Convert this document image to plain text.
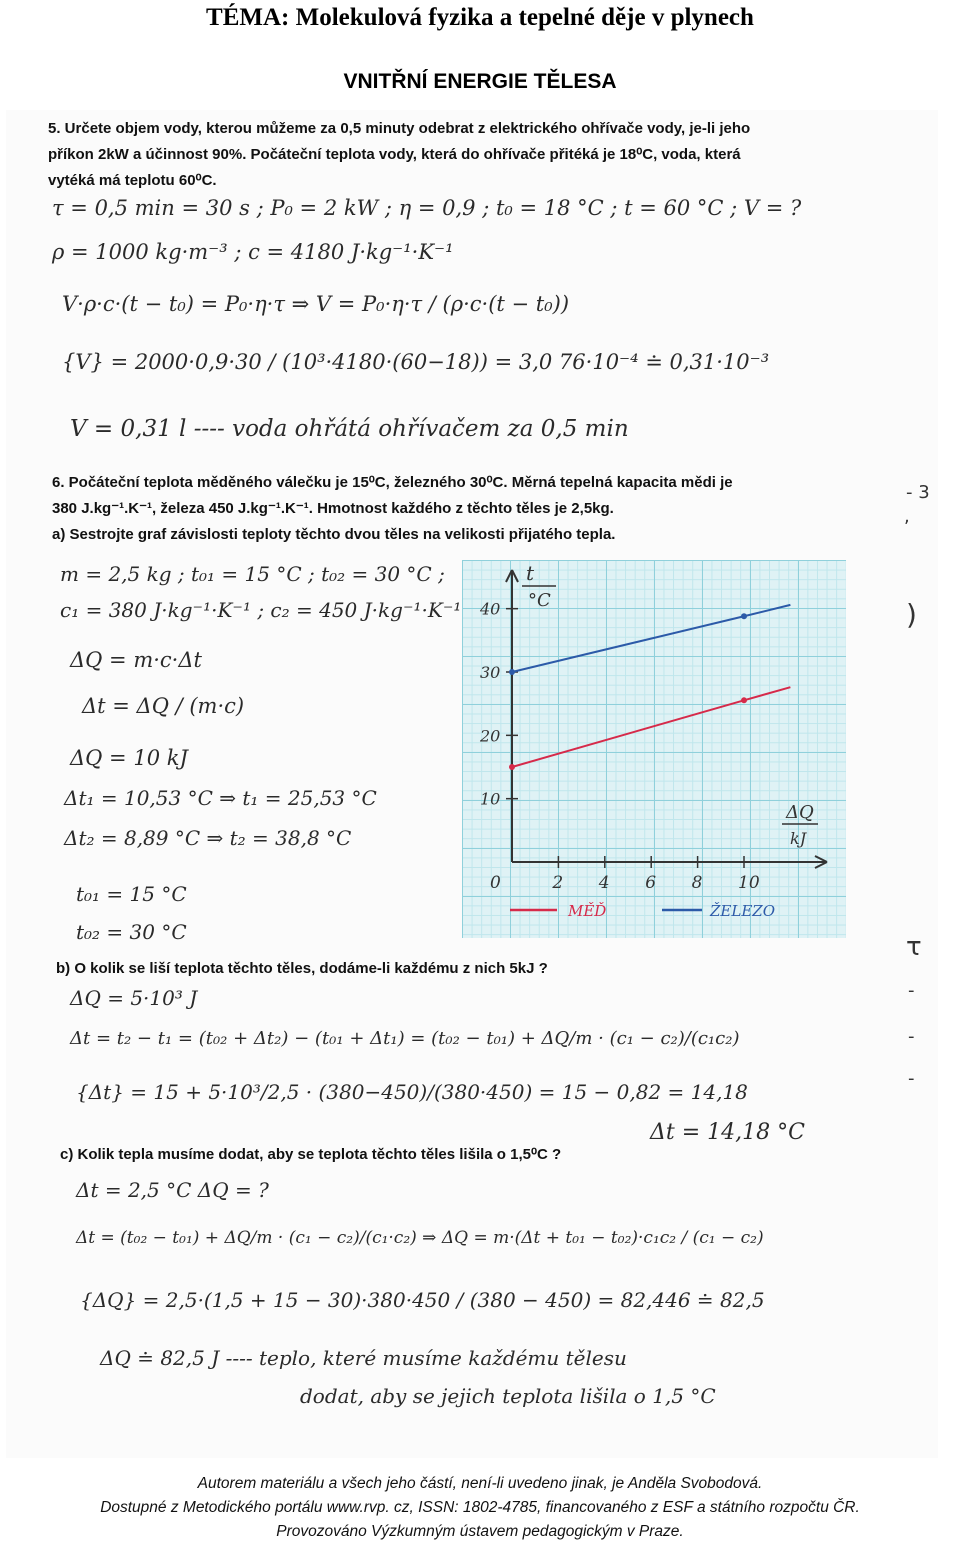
TÉMA: Molekulová fyzika a tepelné děje v plynech
VNITŘNÍ ENERGIE TĚLESA
5. Určete objem vody, kterou můžeme za 0,5 minuty odebrat z elektrického ohřívače vody, je-li jeho
příkon 2kW a účinnost 90%. Počáteční teplota vody, která do ohřívače přitéká je 18⁰C, voda, která
vytéká má teplotu 60⁰C.
τ = 0,5 min = 30 s ; P₀ = 2 kW ; η = 0,9 ; t₀ = 18 °C ; t = 60 °C ; V = ?
ρ = 1000 kg·m⁻³ ; c = 4180 J·kg⁻¹·K⁻¹
V·ρ·c·(t − t₀) = P₀·η·τ ⇒ V = P₀·η·τ / (ρ·c·(t − t₀))
{V} = 2000·0,9·30 / (10³·4180·(60−18)) = 3,0 76·10⁻⁴ ≐ 0,31·10⁻³
V = 0,31 l ---- voda ohřátá ohřívačem za 0,5 min
6. Počáteční teplota měděného válečku je 15⁰C, železného 30⁰C. Měrná tepelná kapacita mědi je
380 J.kg⁻¹.K⁻¹, železa 450 J.kg⁻¹.K⁻¹. Hmotnost každého z těchto těles je 2,5kg.
a) Sestrojte graf závislosti teploty těchto dvou těles na velikosti přijatého tepla.
m = 2,5 kg ; t₀₁ = 15 °C ; t₀₂ = 30 °C ;
c₁ = 380 J·kg⁻¹·K⁻¹ ; c₂ = 450 J·kg⁻¹·K⁻¹
ΔQ = m·c·Δt
Δt = ΔQ / (m·c)
ΔQ = 10 kJ
Δt₁ = 10,53 °C ⇒ t₁ = 25,53 °C
Δt₂ = 8,89 °C ⇒ t₂ = 38,8 °C
t₀₁ = 15 °C
t₀₂ = 30 °C
t
°C
ΔQ
kJ
0	2 4 6 8 10
10
20
30
40
MĚĎ	ŽELEZO
b) O kolik se liší teplota těchto těles, dodáme-li každému z nich 5kJ ?
ΔQ = 5·10³ J
Δt = t₂ − t₁ = (t₀₂ + Δt₂) − (t₀₁ + Δt₁) = (t₀₂ − t₀₁) + ΔQ/m · (c₁ − c₂)/(c₁c₂)
{Δt} = 15 + 5·10³/2,5 · (380−450)/(380·450) = 15 − 0,82 = 14,18
Δt = 14,18 °C
c) Kolik tepla musíme dodat, aby se teplota těchto těles lišila o 1,5⁰C ?
Δt = 2,5 °C ΔQ = ?
Δt = (t₀₂ − t₀₁) + ΔQ/m · (c₁ − c₂)/(c₁·c₂) ⇒ ΔQ = m·(Δt + t₀₁ − t₀₂)·c₁c₂ / (c₁ − c₂)
{ΔQ} = 2,5·(1,5 + 15 − 30)·380·450 / (380 − 450) = 82,446 ≐ 82,5
ΔQ ≐ 82,5 J ---- teplo, které musíme každému tělesu
dodat, aby se jejich teplota lišila o 1,5 °C
- 3
,
)
τ
-
-
-
Autorem materiálu a všech jeho částí, není-li uvedeno jinak, je Anděla Svobodová.
Dostupné z Metodického portálu www.rvp. cz, ISSN: 1802-4785, financovaného z ESF a státního rozpočtu ČR.
Provozováno Výzkumným ústavem pedagogickým v Praze.
